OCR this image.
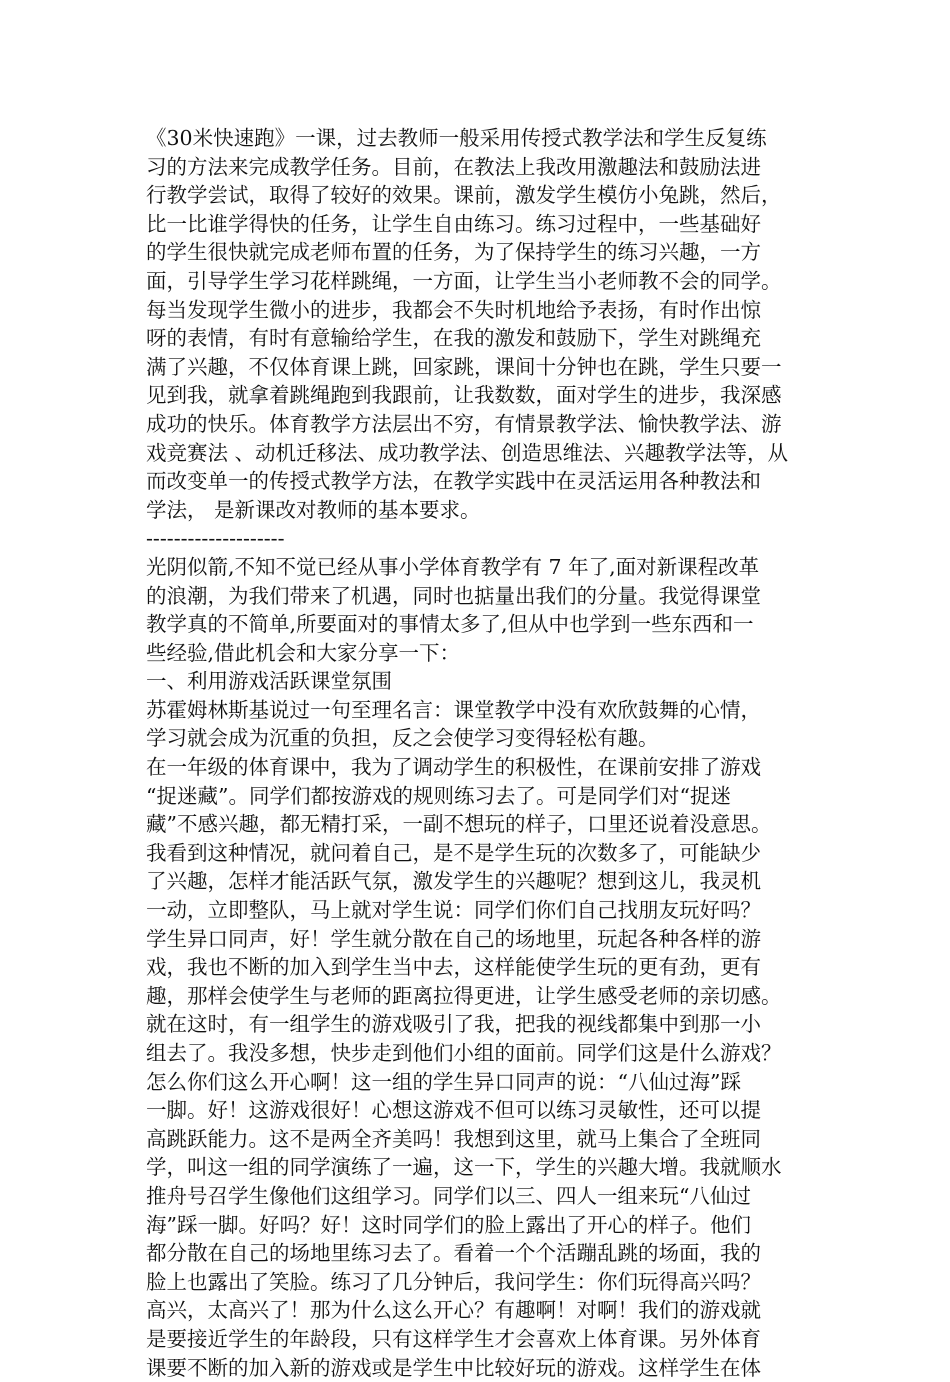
《30米快速跑》一课，过去教师一般采用传授式教学法和学生反复练
习的方法来完成教学任务。目前，在教法上我改用激趣法和鼓励法进
行教学尝试，取得了较好的效果。课前，激发学生模仿小兔跳，然后，
比一比谁学得快的任务，让学生自由练习。练习过程中，一些基础好
的学生很快就完成老师布置的任务，为了保持学生的练习兴趣，一方
面，引导学生学习花样跳绳，一方面，让学生当小老师教不会的同学。
每当发现学生微小的进步，我都会不失时机地给予表扬，有时作出惊
呀的表情，有时有意输给学生，在我的激发和鼓励下，学生对跳绳充
满了兴趣，不仅体育课上跳，回家跳，课间十分钟也在跳，学生只要一
见到我，就拿着跳绳跑到我跟前，让我数数，面对学生的进步，我深感
成功的快乐。体育教学方法层出不穷，有情景教学法、愉快教学法、游
戏竞赛法 、动机迁移法、成功教学法、创造思维法、兴趣教学法等，从
而改变单一的传授式教学方法，在教学实践中在灵活运用各种教法和
学法， 是新课改对教师的基本要求。
--------------------
光阴似箭,不知不觉已经从事小学体育教学有 7 年了,面对新课程改革
的浪潮，为我们带来了机遇，同时也掂量出我们的分量。我觉得课堂
教学真的不简单,所要面对的事情太多了,但从中也学到一些东西和一
些经验,借此机会和大家分享一下：
一、利用游戏活跃课堂氛围
苏霍姆林斯基说过一句至理名言：课堂教学中没有欢欣鼓舞的心情，
学习就会成为沉重的负担，反之会使学习变得轻松有趣。
在一年级的体育课中，我为了调动学生的积极性，在课前安排了游戏
“捉迷藏”。同学们都按游戏的规则练习去了。可是同学们对“捉迷
藏”不感兴趣，都无精打采，一副不想玩的样子，口里还说着没意思。
我看到这种情况，就问着自己，是不是学生玩的次数多了，可能缺少
了兴趣，怎样才能活跃气氛，激发学生的兴趣呢？想到这儿，我灵机
一动，立即整队，马上就对学生说：同学们你们自己找朋友玩好吗？
学生异口同声，好！学生就分散在自己的场地里，玩起各种各样的游
戏，我也不断的加入到学生当中去，这样能使学生玩的更有劲，更有
趣，那样会使学生与老师的距离拉得更进，让学生感受老师的亲切感。
就在这时，有一组学生的游戏吸引了我，把我的视线都集中到那一小
组去了。我没多想，快步走到他们小组的面前。同学们这是什么游戏？
怎么你们这么开心啊！这一组的学生异口同声的说：“八仙过海”踩
一脚。好！这游戏很好！心想这游戏不但可以练习灵敏性，还可以提
高跳跃能力。这不是两全齐美吗！我想到这里，就马上集合了全班同
学，叫这一组的同学演练了一遍，这一下，学生的兴趣大增。我就顺水
推舟号召学生像他们这组学习。同学们以三、四人一组来玩“八仙过
海”踩一脚。好吗？好！这时同学们的脸上露出了开心的样子。他们
都分散在自己的场地里练习去了。看着一个个活蹦乱跳的场面，我的
脸上也露出了笑脸。练习了几分钟后，我问学生：你们玩得高兴吗？
高兴，太高兴了！那为什么这么开心？有趣啊！对啊！我们的游戏就
是要接近学生的年龄段，只有这样学生才会喜欢上体育课。另外体育
课要不断的加入新的游戏或是学生中比较好玩的游戏。这样学生在体
